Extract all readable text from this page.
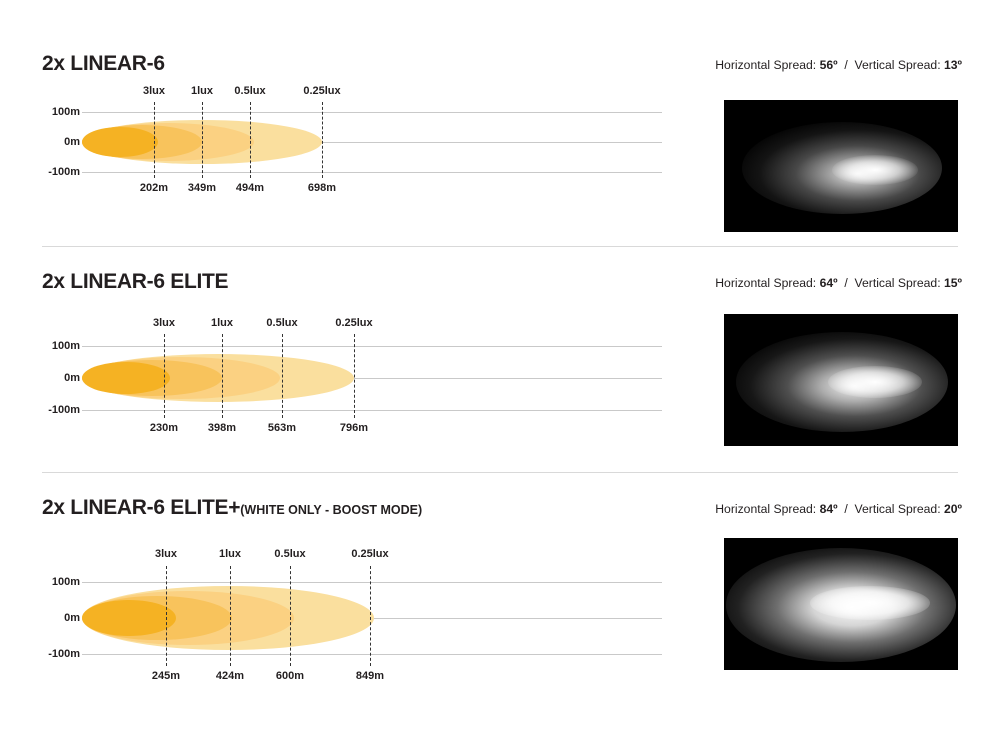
2x LINEAR-6	Horizontal Spread: 56º / Vertical Spread: 13º
100m
0m
-100m
3lux 1lux 0.5lux	0.25lux
202m 349m 494m	698m
2x LINEAR-6 ELITE	Horizontal Spread: 64º / Vertical Spread: 15º
100m
0m
-100m
3lux	1lux	0.5lux	0.25lux
230m	398m	563m	796m
2x LINEAR-6 ELITE+(WHITE ONLY - BOOST MODE)	Horizontal Spread: 84º / Vertical Spread: 20º
100m
0m
-100m
3lux	1lux	0.5lux	0.25lux
245m	424m	600m	849m
